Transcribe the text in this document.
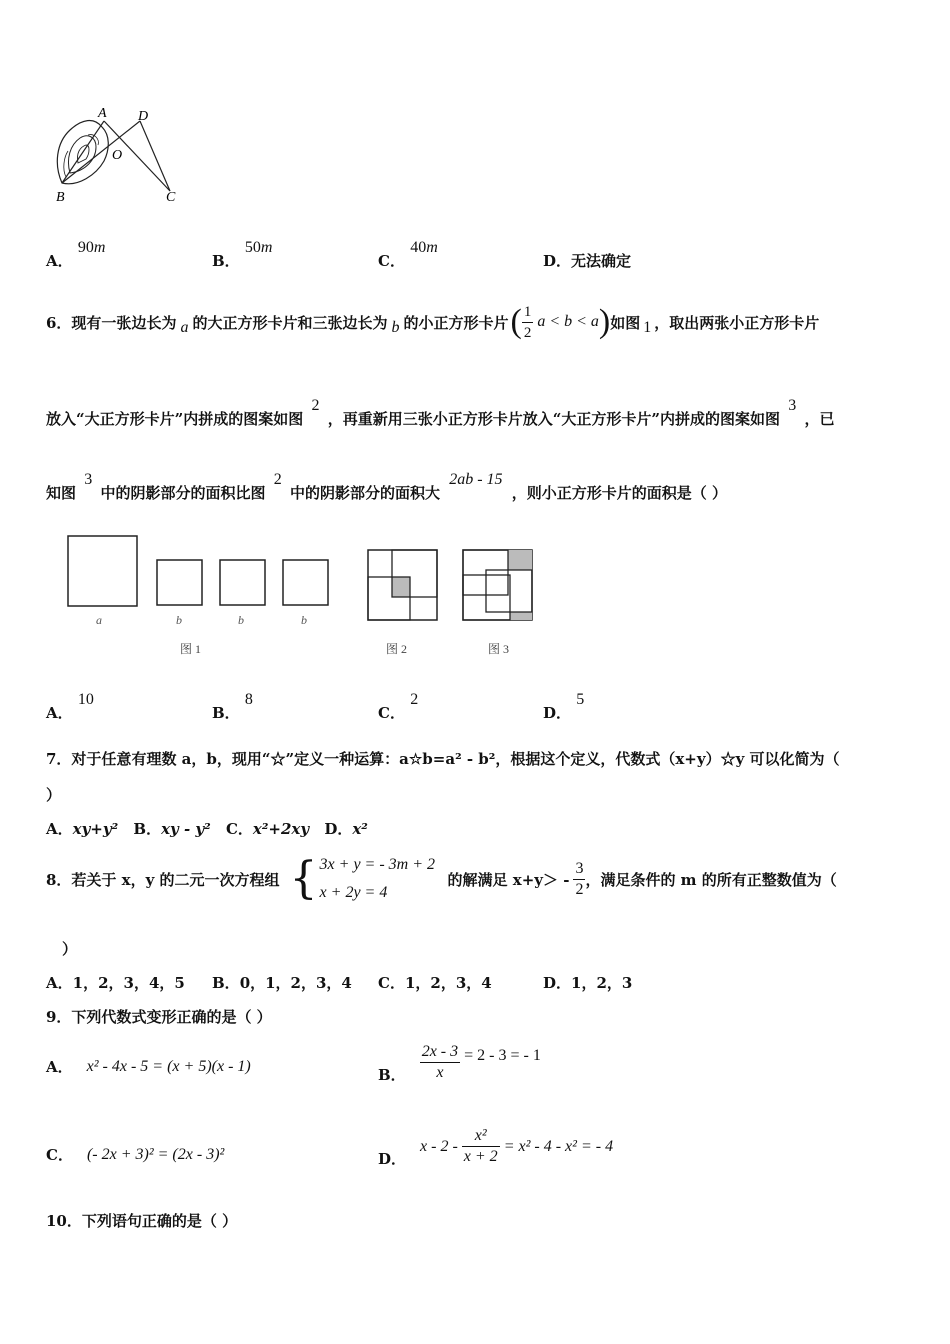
A D
O
B	C
A． 90m
B． 50m
C． 40m
D．无法确定
6．现有一张边长为 a 的大正方形卡片和三张边长为 b 的小正方形卡片 ( $\frac{1}{2}$ a < b < a ) 如图 1 ，取出两张小正方形卡片
放入“大正方形卡片”内拼成的图案如图 2 ，再重新用三张小正方形卡片放入“大正方形卡片”内拼成的图案如图 3 ，已
知图 3 中的阴影部分的面积比图 2 中的阴影部分的面积大 2ab - 15 ，则小正方形卡片的面积是（ ）
a	b	b	b
图 1	图 2	图 3
A． 10
B． 8
C． 2
D． 5
7．对于任意有理数 a，b，现用“☆”定义一种运算：a☆b=a² - b²，根据这个定义，代数式（x+y）☆y 可以化简为（
）
A．xy+y² B．xy - y² C．x²+2xy D．x²
8．若关于 x，y 的二元一次方程组 { 3x + y = - 3m + 2
x + 2y = 4
的解满足 $x+y> - \frac{3}{2}$ ，满足条件的 m 的所有正整数值为（
）
A．1，2，3，4，5 B．0，1，2，3，4 C．1，2，3，4	D．1，2，3
9．下列代数式变形正确的是（ ）
A． x² - 4x - 5 = (x + 5)(x - 1)	B． $\frac{2x - 3}{x} = 2 - 3$ = - 1
C． (- 2x + 3)² = (2x - 3)²	D．
$x - 2 - \frac{\text{x²}}{x + 2} = x^2 - 4 - x^2$ = - 4
10．下列语句正确的是（ ）
